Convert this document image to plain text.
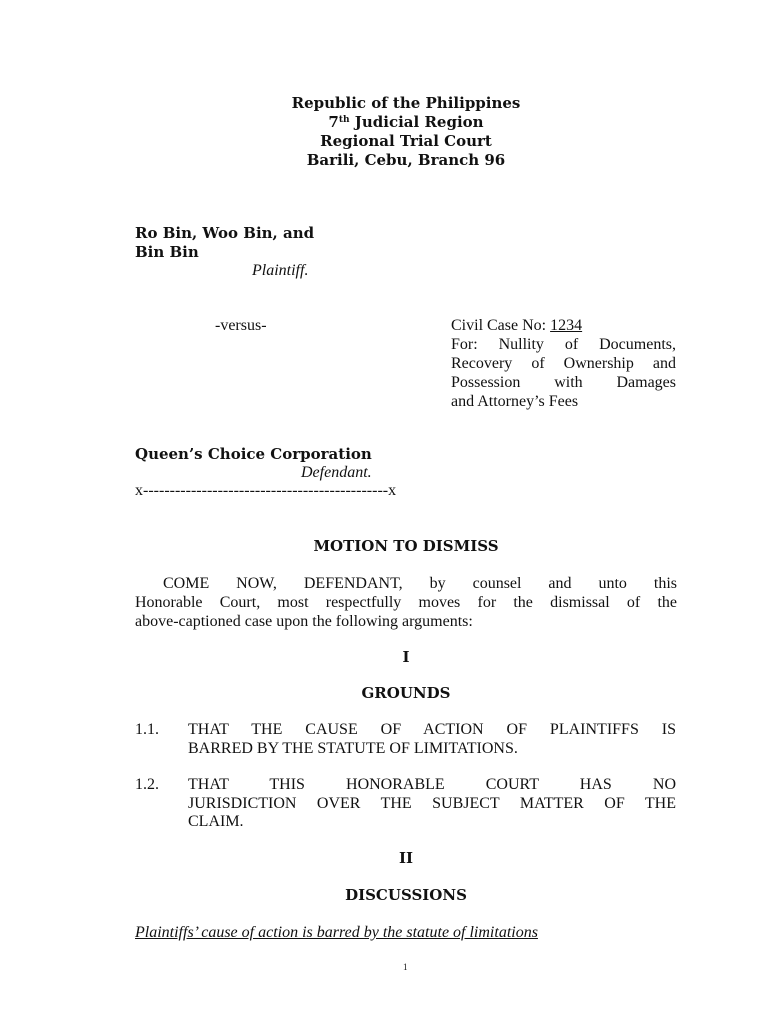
Republic of the Philippines
7th Judicial Region
Regional Trial Court
Barili, Cebu, Branch 96
Ro Bin, Woo Bin, and
Bin Bin
Plaintiff.
-versus-	Civil Case No: 1234
For: Nullity of Documents,
Recovery of Ownership and
Possession with Damages
and Attorney’s Fees
Queen’s Choice Corporation
Defendant.
x----------------------------------------------x
MOTION TO DISMISS
COME NOW, DEFENDANT, by counsel and unto this
Honorable Court, most respectfully moves for the dismissal of the
above-captioned case upon the following arguments:
I
GROUNDS
1.1. THAT THE CAUSE OF ACTION OF PLAINTIFFS IS
BARRED BY THE STATUTE OF LIMITATIONS.
1.2. THAT THIS HONORABLE COURT HAS NO
JURISDICTION OVER THE SUBJECT MATTER OF THE
CLAIM.
II
DISCUSSIONS
Plaintiffs’ cause of action is barred by the statute of limitations
1
